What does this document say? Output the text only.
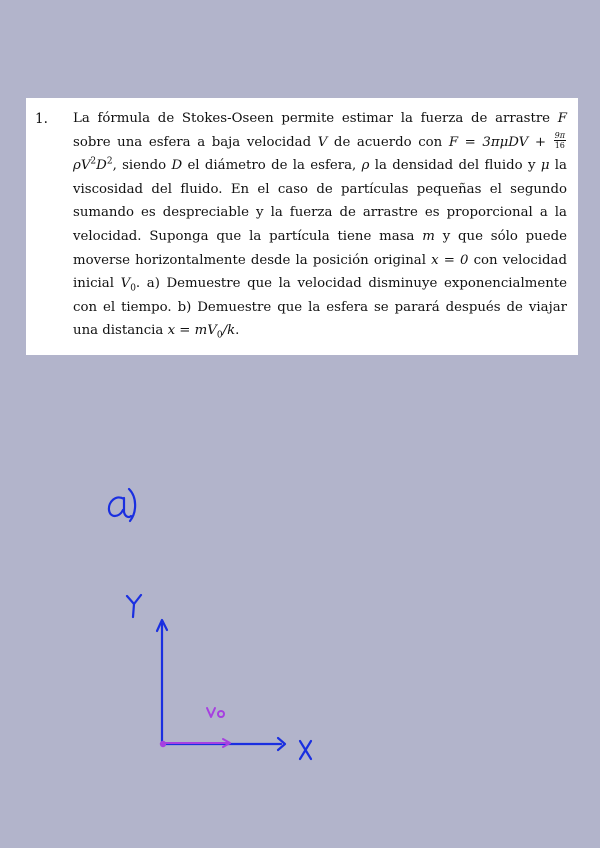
1. La fórmula de Stokes-Oseen permite estimar la fuerza de arrastre F sobre una esfera a baja velocidad V de acuerdo con $F = 3\pi\mu DV + \frac{9\pi}{16}$
$\rho V^2D^2$, siendo D el diámetro de la esfera, ρ la densidad del fluido y μ la viscosidad del fluido. En el caso de partículas pequeñas el segundo sumando es despreciable y la fuerza de arrastre es proporcional a la velocidad. Suponga que la partícula tiene masa m y que sólo puede moverse horizontalmente desde la posición original x = 0 con velocidad inicial $V_0$. a) Demuestre que la velocidad disminuye exponencialmente con el tiempo. b) Demuestre que la esfera se parará después de viajar una distancia $x = mV_0/k$.
